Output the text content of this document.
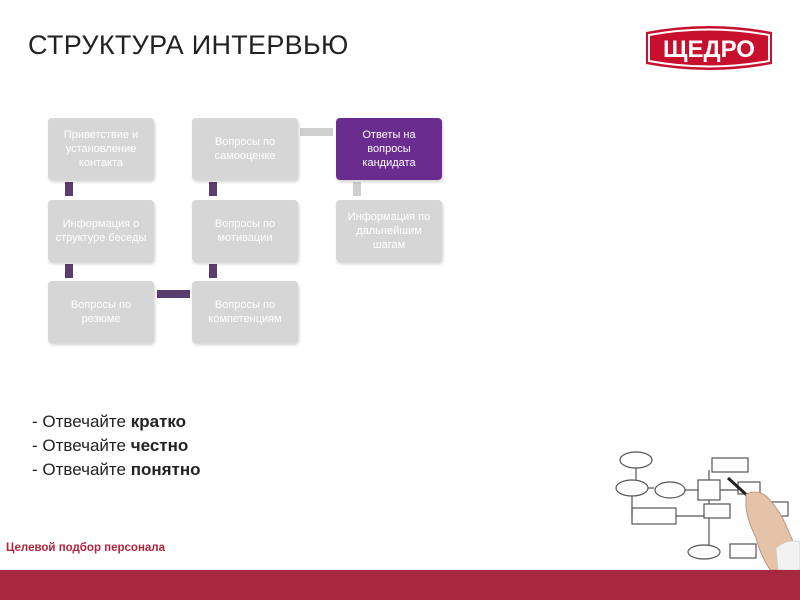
СТРУКТУРА ИНТЕРВЬЮ	ЩЕДРО
Приветствие и установление контакта
Информация о структуре беседы
Вопросы по резюме
Вопросы по самооценке
Вопросы по мотивации
Вопросы по компетенциям
Ответы на вопросы кандидата
Информация по дальнейшим шагам
- Отвечайте кратко
- Отвечайте честно
- Отвечайте понятно
Целевой подбор персонала
